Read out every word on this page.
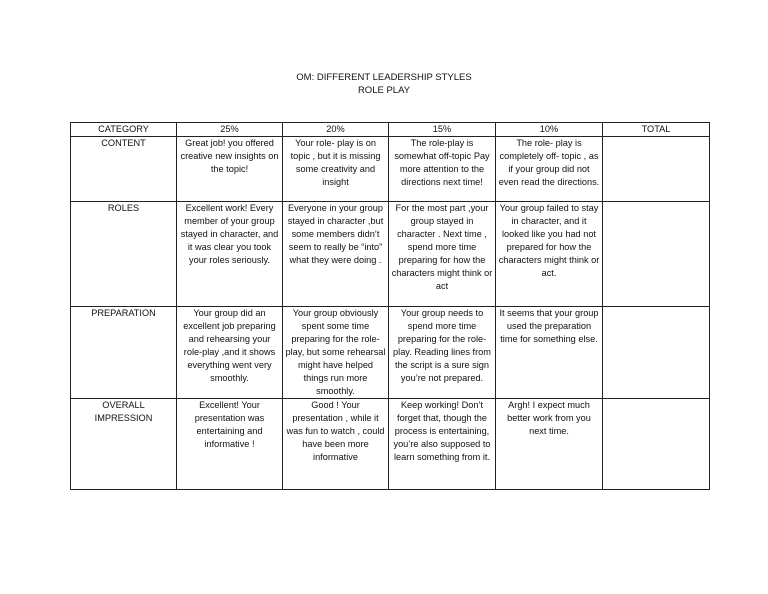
OM: DIFFERENT LEADERSHIP STYLES
ROLE PLAY
CATEGORY	25%	20%	15%	10%	TOTAL
CONTENT	Great job! you offered creative new insights on the topic!	Your role- play is on topic , but it is missing some creativity and insight	The role-play is somewhat off-topic Pay more attention to the directions next time!	The role- play is completely off- topic , as if your group did not even read the directions.	
ROLES	Excellent work! Every member of your group stayed in character, and it was clear you took your roles seriously.	Everyone in your group stayed in character ,but some members didn’t seem to really be “into” what they were doing .	For the most part ,your group stayed in character . Next time , spend more time preparing for how the characters might think or act	Your group failed to stay in character, and it looked like you had not prepared for how the characters might think or act.	
PREPARATION	Your group did an excellent job preparing and rehearsing your role-play ,and it shows everything went very smoothly.	Your group obviously spent some time preparing for the role-play, but some rehearsal might have helped things run more smoothly.	Your group needs to spend more time preparing for the role-play. Reading lines from the script is a sure sign you’re not prepared.	It seems that your group used the preparation time for something else.	
OVERALL IMPRESSION	Excellent! Your presentation was entertaining and informative !	Good ! Your presentation , while it was fun to watch , could have been more informative	Keep working! Don’t forget that, though the process is entertaining, you’re also supposed to learn something from it.	Argh! I expect much better work from you next time.	
